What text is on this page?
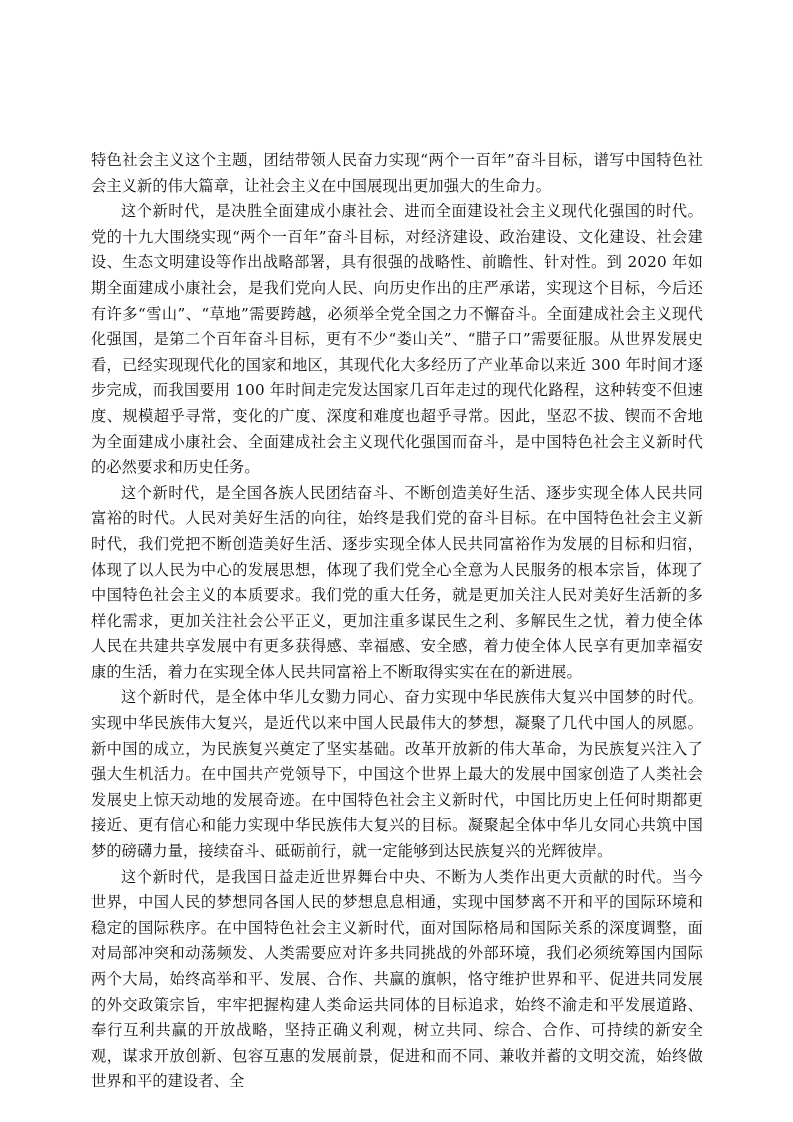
特色社会主义这个主题，团结带领人民奋力实现“两个一百年”奋斗目标，谱写中国特色社会主义新的伟大篇章，让社会主义在中国展现出更加强大的生命力。

这个新时代，是决胜全面建成小康社会、进而全面建设社会主义现代化强国的时代。党的十九大围绕实现“两个一百年”奋斗目标，对经济建设、政治建设、文化建设、社会建设、生态文明建设等作出战略部署，具有很强的战略性、前瞻性、针对性。到 2020 年如期全面建成小康社会，是我们党向人民、向历史作出的庄严承诺，实现这个目标，今后还有许多“雪山”、“草地”需要跨越，必须举全党全国之力不懈奋斗。全面建成社会主义现代化强国，是第二个百年奋斗目标，更有不少“娄山关”、“腊子口”需要征服。从世界发展史看，已经实现现代化的国家和地区，其现代化大多经历了产业革命以来近 300 年时间才逐步完成，而我国要用 100 年时间走完发达国家几百年走过的现代化路程，这种转变不但速度、规模超乎寻常，变化的广度、深度和难度也超乎寻常。因此，坚忍不拔、锲而不舍地为全面建成小康社会、全面建成社会主义现代化强国而奋斗，是中国特色社会主义新时代的必然要求和历史任务。

这个新时代，是全国各族人民团结奋斗、不断创造美好生活、逐步实现全体人民共同富裕的时代。人民对美好生活的向往，始终是我们党的奋斗目标。在中国特色社会主义新时代，我们党把不断创造美好生活、逐步实现全体人民共同富裕作为发展的目标和归宿，体现了以人民为中心的发展思想，体现了我们党全心全意为人民服务的根本宗旨，体现了中国特色社会主义的本质要求。我们党的重大任务，就是更加关注人民对美好生活新的多样化需求，更加关注社会公平正义，更加注重多谋民生之利、多解民生之忧，着力使全体人民在共建共享发展中有更多获得感、幸福感、安全感，着力使全体人民享有更加幸福安康的生活，着力在实现全体人民共同富裕上不断取得实实在在的新进展。

这个新时代，是全体中华儿女勠力同心、奋力实现中华民族伟大复兴中国梦的时代。实现中华民族伟大复兴，是近代以来中国人民最伟大的梦想，凝聚了几代中国人的夙愿。新中国的成立，为民族复兴奠定了坚实基础。改革开放新的伟大革命，为民族复兴注入了强大生机活力。在中国共产党领导下，中国这个世界上最大的发展中国家创造了人类社会发展史上惊天动地的发展奇迹。在中国特色社会主义新时代，中国比历史上任何时期都更接近、更有信心和能力实现中华民族伟大复兴的目标。凝聚起全体中华儿女同心共筑中国梦的磅礴力量，接续奋斗、砥砺前行，就一定能够到达民族复兴的光辉彼岸。

这个新时代，是我国日益走近世界舞台中央、不断为人类作出更大贡献的时代。当今世界，中国人民的梦想同各国人民的梦想息息相通，实现中国梦离不开和平的国际环境和稳定的国际秩序。在中国特色社会主义新时代，面对国际格局和国际关系的深度调整，面对局部冲突和动荡频发、人类需要应对许多共同挑战的外部环境，我们必须统筹国内国际两个大局，始终高举和平、发展、合作、共赢的旗帜，恪守维护世界和平、促进共同发展的外交政策宗旨，牢牢把握构建人类命运共同体的目标追求，始终不渝走和平发展道路、奉行互利共赢的开放战略，坚持正确义利观，树立共同、综合、合作、可持续的新安全观，谋求开放创新、包容互惠的发展前景，促进和而不同、兼收并蓄的文明交流，始终做世界和平的建设者、全
